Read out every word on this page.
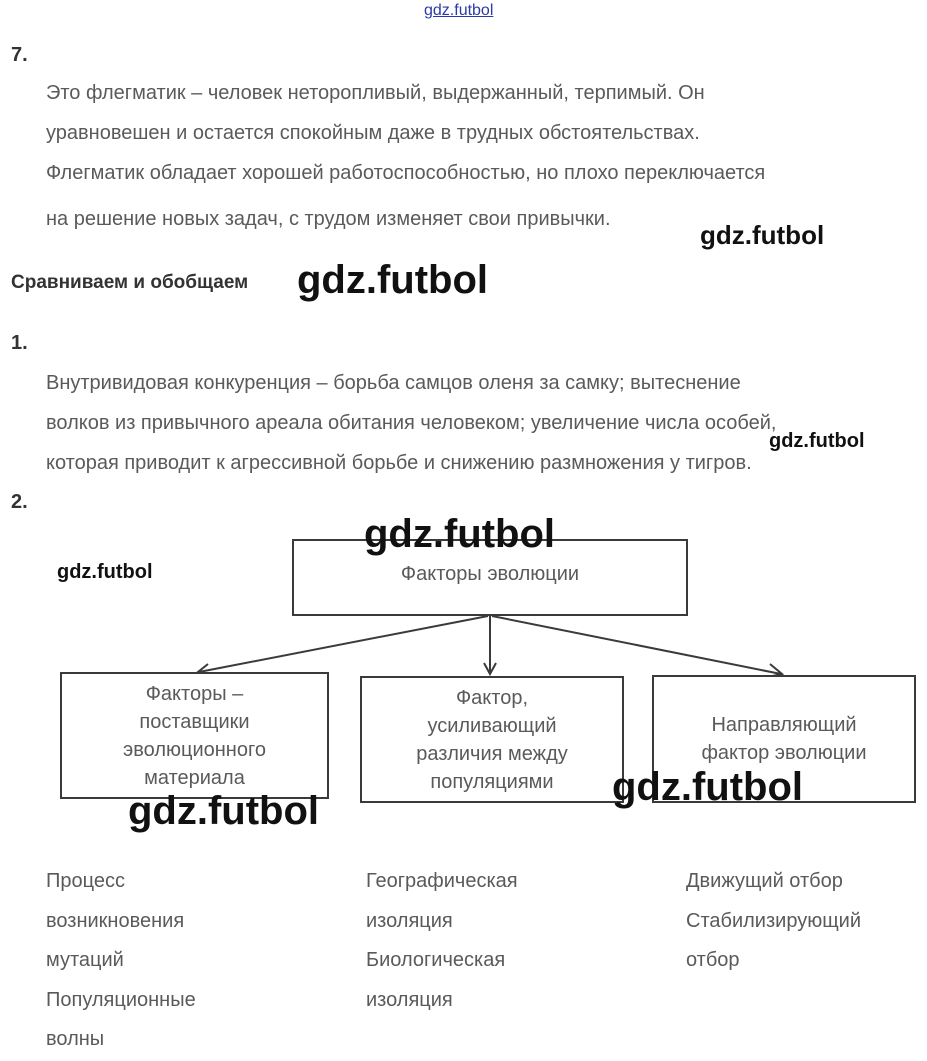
gdz.futbol
7.
Это флегматик – человек неторопливый, выдержанный, терпимый. Он
уравновешен и остается спокойным даже в трудных обстоятельствах.
Флегматик обладает хорошей работоспособностью, но плохо переключается
на решение новых задач, с трудом изменяет свои привычки.
gdz.futbol
Сравниваем и обобщаем gdz.futbol
1.
Внутривидовая конкуренция – борьба самцов оленя за самку; вытеснение
волков из привычного ареала обитания человеком; увеличение числа особей,
которая приводит к агрессивной борьбе и снижению размножения у тигров.
gdz.futbol
2.
Факторы эволюции
Факторы –
поставщики
эволюционного
материала
Фактор,
усиливающий
различия между
популяциями
Направляющий
фактор эволюции
gdz.futbol
gdz.futbol
gdz.futbol
gdz.futbol
Процесс
возникновения
мутаций
Популяционные
волны
Географическая
изоляция
Биологическая
изоляция
Движущий отбор
Стабилизирующий
отбор
